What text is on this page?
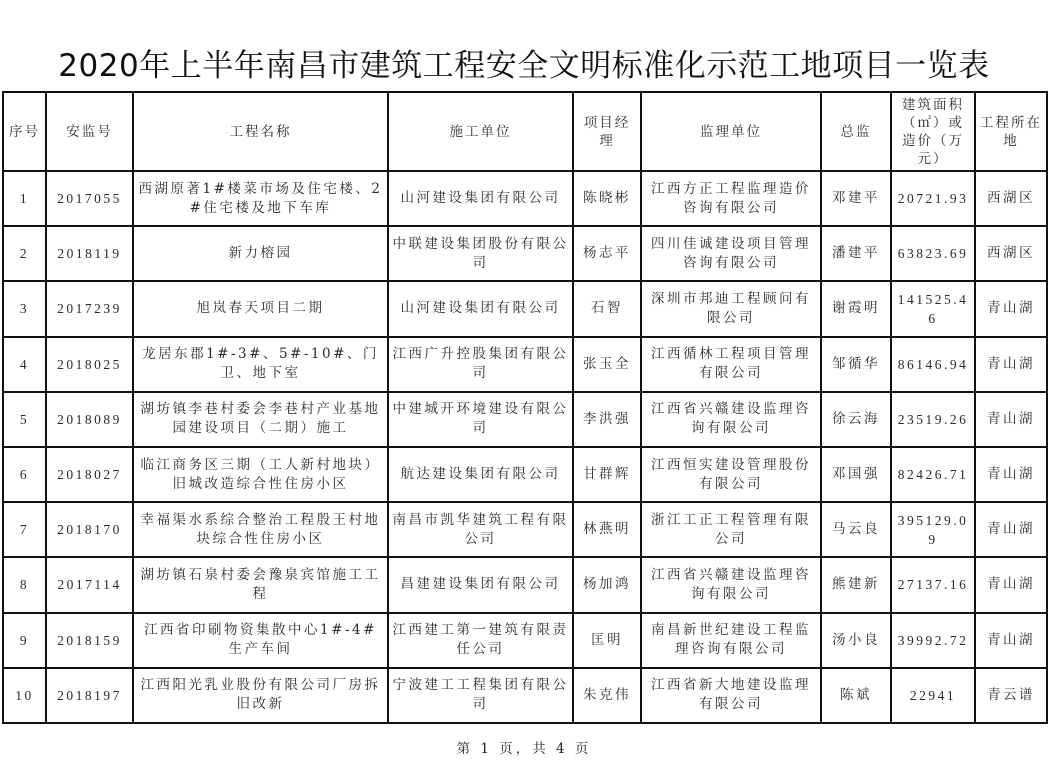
2020年上半年南昌市建筑工程安全文明标准化示范工地项目一览表
序号	安监号	工程名称	施工单位	项目经理	监理单位	总监	建筑面积（㎡）或造价（万元）	工程所在地
1	2017055	西湖原著1#楼菜市场及住宅楼、2#住宅楼及地下车库	山河建设集团有限公司	陈晓彬	江西方正工程监理造价咨询有限公司	邓建平	20721.93	西湖区
2	2018119	新力榕园	中联建设集团股份有限公司	杨志平	四川佳诚建设项目管理咨询有限公司	潘建平	63823.69	西湖区
3	2017239	旭岚春天项目二期	山河建设集团有限公司	石智	深圳市邦迪工程顾问有限公司	谢霞明	141525.46	青山湖
4	2018025	龙居东郡1#-3#、5#-10#、门卫、地下室	江西广升控股集团有限公司	张玉全	江西循林工程项目管理有限公司	邹循华	86146.94	青山湖
5	2018089	湖坊镇李巷村委会李巷村产业基地园建设项目（二期）施工	中建城开环境建设有限公司	李洪强	江西省兴赣建设监理咨询有限公司	徐云海	23519.26	青山湖
6	2018027	临江商务区三期（工人新村地块）旧城改造综合性住房小区	航达建设集团有限公司	甘群辉	江西恒实建设管理股份有限公司	邓国强	82426.71	青山湖
7	2018170	幸福渠水系综合整治工程殷王村地块综合性住房小区	南昌市凯华建筑工程有限公司	林燕明	浙江工正工程管理有限公司	马云良	395129.09	青山湖
8	2017114	湖坊镇石泉村委会豫泉宾馆施工工程	昌建建设集团有限公司	杨加鸿	江西省兴赣建设监理咨询有限公司	熊建新	27137.16	青山湖
9	2018159	江西省印刷物资集散中心1#-4#生产车间	江西建工第一建筑有限责任公司	匡明	南昌新世纪建设工程监理咨询有限公司	汤小良	39992.72	青山湖
10	2018197	江西阳光乳业股份有限公司厂房拆旧改新	宁波建工工程集团有限公司	朱克伟	江西省新大地建设监理有限公司	陈斌	22941	青云谱
第 1 页，共 4 页
